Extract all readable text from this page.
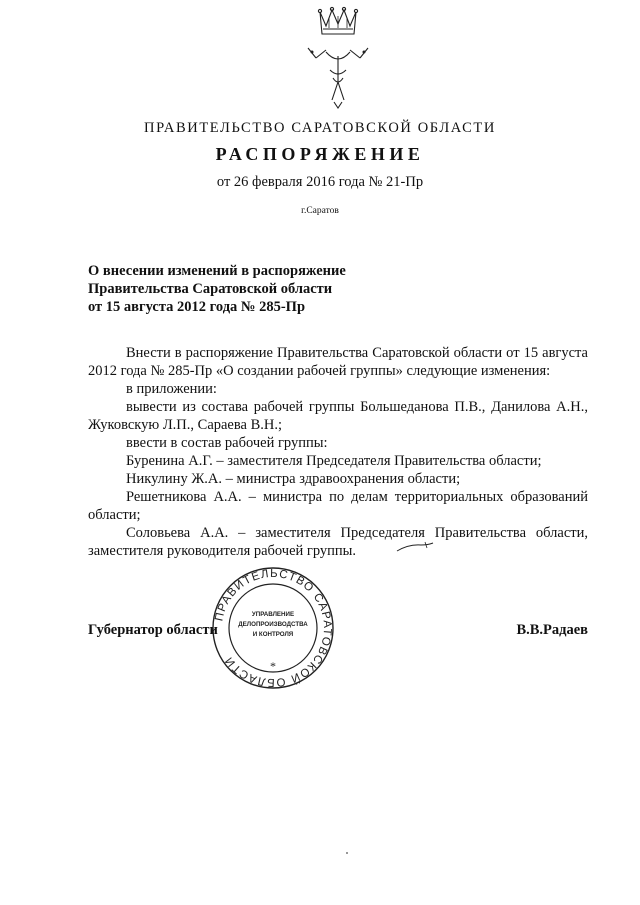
ПРАВИТЕЛЬСТВО САРАТОВСКОЙ ОБЛАСТИ
РАСПОРЯЖЕНИЕ
от 26 февраля 2016 года № 21-Пр
г.Саратов
О внесении изменений в распоряжение
Правительства Саратовской области
от 15 августа 2012 года № 285-Пр
Внести в распоряжение Правительства Саратовской области от 15 августа
2012 года № 285-Пр «О создании рабочей группы» следующие изменения:
в приложении:
вывести из состава рабочей группы Большеданова П.В., Данилова А.Н.,
Жуковскую Л.П., Сараева В.Н.;
ввести в состав рабочей группы:
Буренина А.Г. – заместителя Председателя Правительства области;
Никулину Ж.А. – министра здравоохранения области;
Решетникова А.А. – министра по делам территориальных образований
области;
Соловьева А.А. – заместителя Председателя Правительства области,
заместителя руководителя рабочей группы.
Губернатор области	В.В.Радаев
ПРАВИТЕЛЬСТВО САРАТОВСКОЙ ОБЛАСТИ	*
УПРАВЛЕНИЕ
ДЕЛОПРОИЗВОДСТВА
И КОНТРОЛЯ
